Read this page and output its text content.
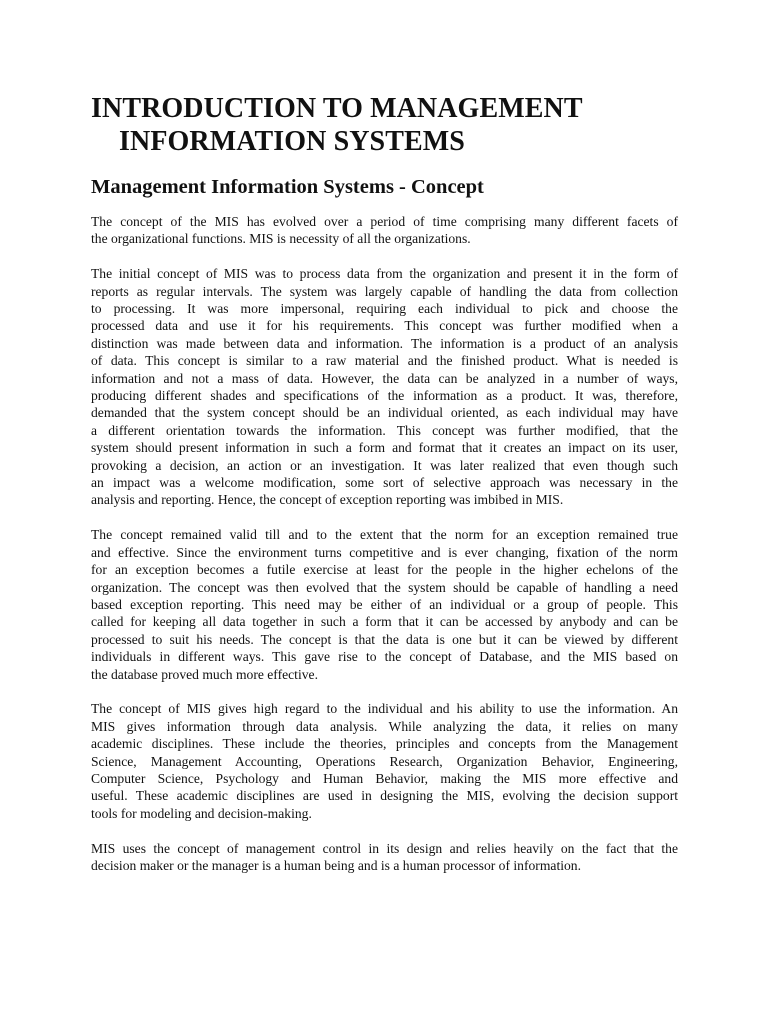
INTRODUCTION TO MANAGEMENT
INFORMATION SYSTEMS
Management Information Systems - Concept

The concept of the MIS has evolved over a period of time comprising many different facets of
the organizational functions. MIS is necessity of all the organizations.

The initial concept of MIS was to process data from the organization and present it in the form of
reports as regular intervals. The system was largely capable of handling the data from collection
to processing. It was more impersonal, requiring each individual to pick and choose the
processed data and use it for his requirements. This concept was further modified when a
distinction was made between data and information. The information is a product of an analysis
of data. This concept is similar to a raw material and the finished product. What is needed is
information and not a mass of data. However, the data can be analyzed in a number of ways,
producing different shades and specifications of the information as a product. It was, therefore,
demanded that the system concept should be an individual oriented, as each individual may have
a different orientation towards the information. This concept was further modified, that the
system should present information in such a form and format that it creates an impact on its user,
provoking a decision, an action or an investigation. It was later realized that even though such
an impact was a welcome modification, some sort of selective approach was necessary in the
analysis and reporting. Hence, the concept of exception reporting was imbibed in MIS.

The concept remained valid till and to the extent that the norm for an exception remained true
and effective. Since the environment turns competitive and is ever changing, fixation of the norm
for an exception becomes a futile exercise at least for the people in the higher echelons of the
organization. The concept was then evolved that the system should be capable of handling a need
based exception reporting. This need may be either of an individual or a group of people. This
called for keeping all data together in such a form that it can be accessed by anybody and can be
processed to suit his needs. The concept is that the data is one but it can be viewed by different
individuals in different ways. This gave rise to the concept of Database, and the MIS based on
the database proved much more effective.

The concept of MIS gives high regard to the individual and his ability to use the information. An
MIS gives information through data analysis. While analyzing the data, it relies on many
academic disciplines. These include the theories, principles and concepts from the Management
Science, Management Accounting, Operations Research, Organization Behavior, Engineering,
Computer Science, Psychology and Human Behavior, making the MIS more effective and
useful. These academic disciplines are used in designing the MIS, evolving the decision support
tools for modeling and decision-making.

MIS uses the concept of management control in its design and relies heavily on the fact that the
decision maker or the manager is a human being and is a human processor of information.
